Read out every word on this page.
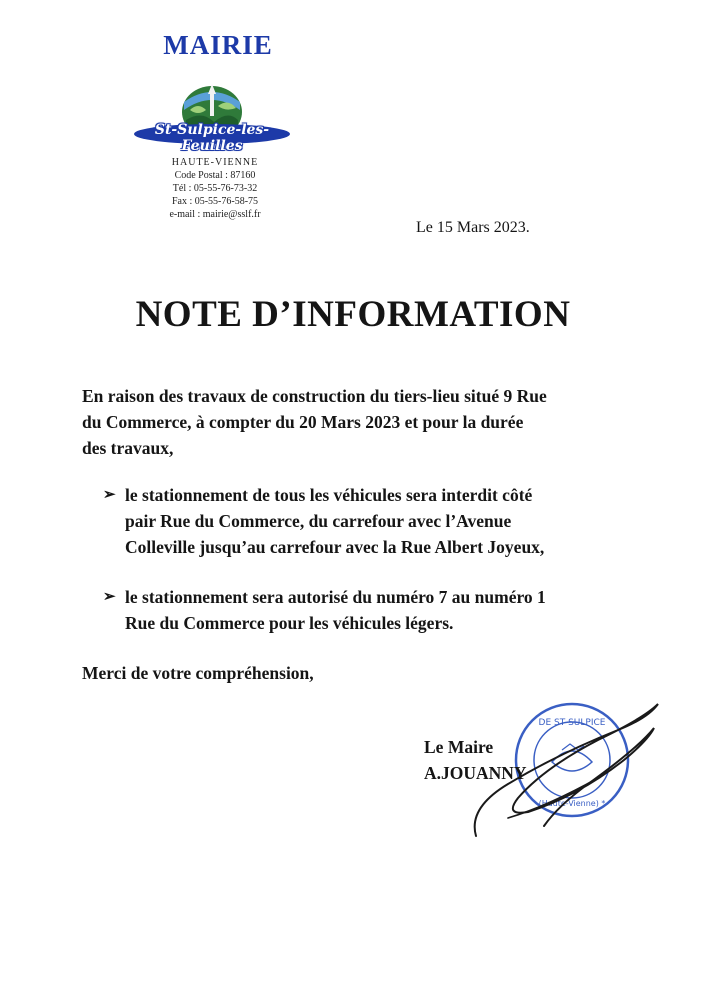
MAIRIE
St-Sulpice-les-Feuilles
HAUTE-VIENNE
Code Postal : 87160
Tél : 05-55-76-73-32
Fax : 05-55-76-58-75
e-mail : mairie@sslf.fr
Le 15 Mars 2023.
NOTE D’INFORMATION
En raison des travaux de construction du tiers-lieu situé 9 Rue
du Commerce, à compter du 20 Mars 2023 et pour la durée
des travaux,
➢ le stationnement de tous les véhicules sera interdit côté
pair Rue du Commerce, du carrefour avec l’Avenue
Colleville jusqu’au carrefour avec la Rue Albert Joyeux,
➢ le stationnement sera autorisé du numéro 7 au numéro 1
Rue du Commerce pour les véhicules légers.
Merci de votre compréhension,
DE ST SULPICE
(Haute-Vienne) *
Le Maire
A.JOUANNY
